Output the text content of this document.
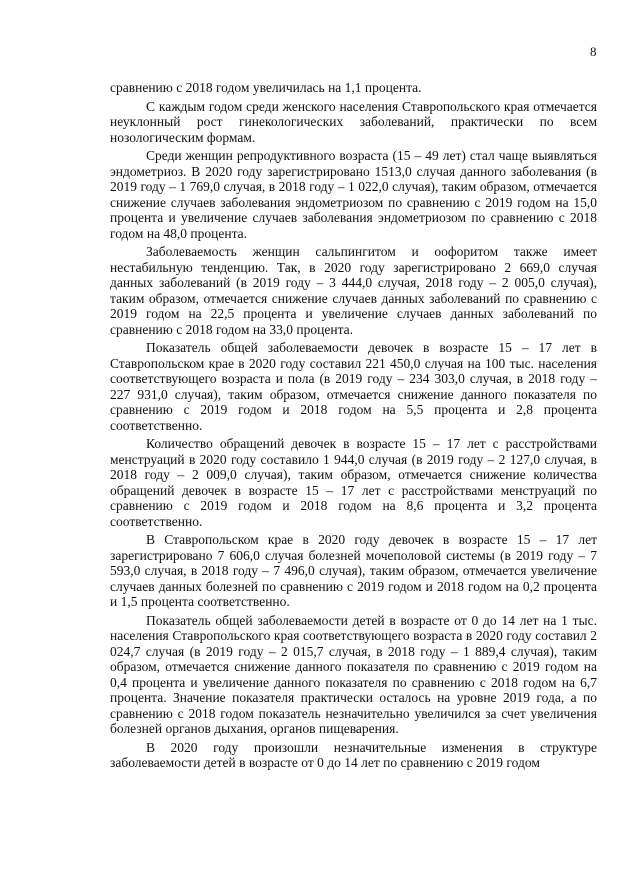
8

сравнению с 2018 годом увеличилась на 1,1 процента.

С каждым годом среди женского населения Ставропольского края отмечается неуклонный рост гинекологических заболеваний, практически по всем нозологическим формам.

Среди женщин репродуктивного возраста (15 – 49 лет) стал чаще выявляться эндометриоз. В 2020 году зарегистрировано 1513,0 случая данного заболевания (в 2019 году – 1 769,0 случая, в 2018 году – 1 022,0 случая), таким образом, отмечается снижение случаев заболевания эндометриозом по сравнению с 2019 годом на 15,0 процента и увеличение случаев заболевания эндометриозом по сравнению с 2018 годом на 48,0 процента.

Заболеваемость женщин сальпингитом и оофоритом также имеет нестабильную тенденцию. Так, в 2020 году зарегистрировано 2 669,0 случая данных заболеваний (в 2019 году – 3 444,0 случая, 2018 году – 2 005,0 случая), таким образом, отмечается снижение случаев данных заболеваний по сравнению с 2019 годом на 22,5 процента и увеличение случаев данных заболеваний по сравнению с 2018 годом на 33,0 процента.

Показатель общей заболеваемости девочек в возрасте 15 – 17 лет в Ставропольском крае в 2020 году составил 221 450,0 случая на 100 тыс. населения соответствующего возраста и пола (в 2019 году – 234 303,0 случая, в 2018 году – 227 931,0 случая), таким образом, отмечается снижение данного показателя по сравнению с 2019 годом и 2018 годом на 5,5 процента и 2,8 процента соответственно.

Количество обращений девочек в возрасте 15 – 17 лет с расстройствами менструаций в 2020 году составило 1 944,0 случая (в 2019 году – 2 127,0 случая, в 2018 году – 2 009,0 случая), таким образом, отмечается снижение количества обращений девочек в возрасте 15 – 17 лет с расстройствами менструаций по сравнению с 2019 годом и 2018 годом на 8,6 процента и 3,2 процента соответственно.

В Ставропольском крае в 2020 году девочек в возрасте 15 – 17 лет зарегистрировано 7 606,0 случая болезней мочеполовой системы (в 2019 году – 7 593,0 случая, в 2018 году – 7 496,0 случая), таким образом, отмечается увеличение случаев данных болезней по сравнению с 2019 годом и 2018 годом на 0,2 процента и 1,5 процента соответственно.

Показатель общей заболеваемости детей в возрасте от 0 до 14 лет на 1 тыс. населения Ставропольского края соответствующего возраста в 2020 году составил 2 024,7 случая (в 2019 году – 2 015,7 случая, в 2018 году – 1 889,4 случая), таким образом, отмечается снижение данного показателя по сравнению с 2019 годом на 0,4 процента и увеличение данного показателя по сравнению с 2018 годом на 6,7 процента. Значение показателя практически осталось на уровне 2019 года, а по сравнению с 2018 годом показатель незначительно увеличился за счет увеличения болезней органов дыхания, органов пищеварения.

В 2020 году произошли незначительные изменения в структуре заболеваемости детей в возрасте от 0 до 14 лет по сравнению с 2019 годом
